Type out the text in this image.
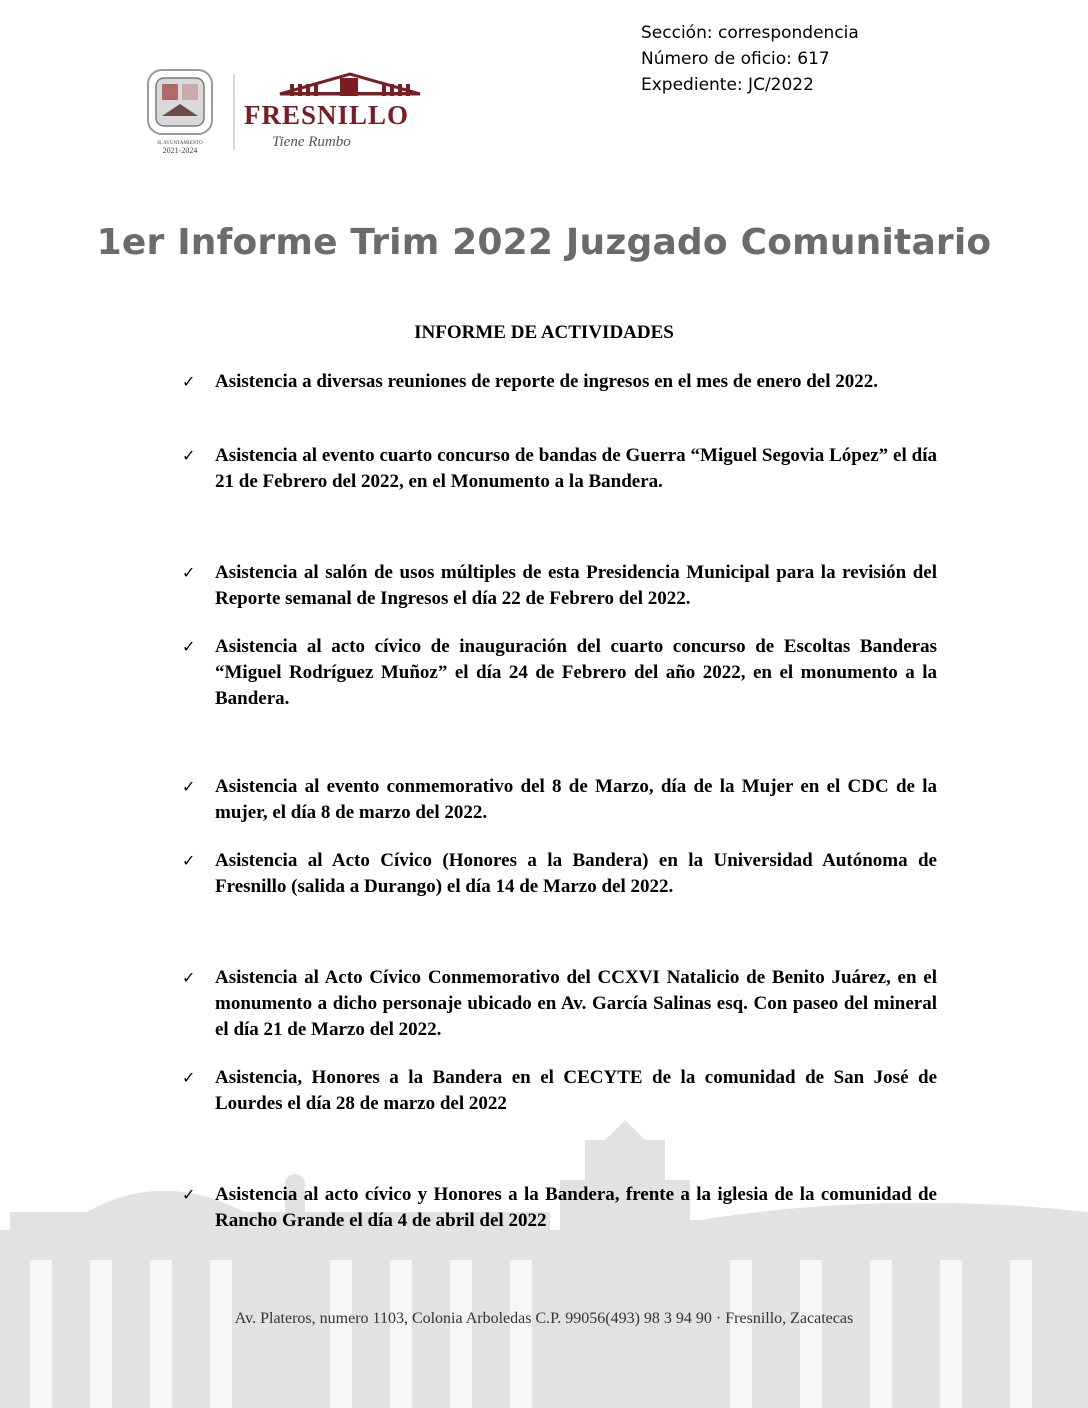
Sección: correspondencia
Número de oficio: 617
Expediente: JC/2022
H. AYUNTAMIENTO
2021-2024
FRESNILLO
Tiene Rumbo
1er Informe Trim 2022 Juzgado Comunitario
INFORME DE ACTIVIDADES
✓ Asistencia a diversas reuniones de reporte de ingresos en el mes de enero del 2022.
✓ Asistencia al evento cuarto concurso de bandas de Guerra “Miguel Segovia López” el día 21 de Febrero del 2022, en el Monumento a la Bandera.
✓ Asistencia al salón de usos múltiples de esta Presidencia Municipal para la revisión del Reporte semanal de Ingresos el día 22 de Febrero del 2022.
✓ Asistencia al acto cívico de inauguración del cuarto concurso de Escoltas Banderas “Miguel Rodríguez Muñoz” el día 24 de Febrero del año 2022, en el monumento a la Bandera.
✓ Asistencia al evento conmemorativo del 8 de Marzo, día de la Mujer en el CDC de la mujer, el día 8 de marzo del 2022.
✓ Asistencia al Acto Cívico (Honores a la Bandera) en la Universidad Autónoma de Fresnillo (salida a Durango) el día 14 de Marzo del 2022.
✓ Asistencia al Acto Cívico Conmemorativo del CCXVI Natalicio de Benito Juárez, en el monumento a dicho personaje ubicado en Av. García Salinas esq. Con paseo del mineral el día 21 de Marzo del 2022.
✓ Asistencia, Honores a la Bandera en el CECYTE de la comunidad de San José de Lourdes el día 28 de marzo del 2022
✓ Asistencia al acto cívico y Honores a la Bandera, frente a la iglesia de la comunidad de Rancho Grande el día 4 de abril del 2022
Av. Plateros, numero 1103, Colonia Arboledas C.P. 99056(493) 98 3 94 90 · Fresnillo, Zacatecas
